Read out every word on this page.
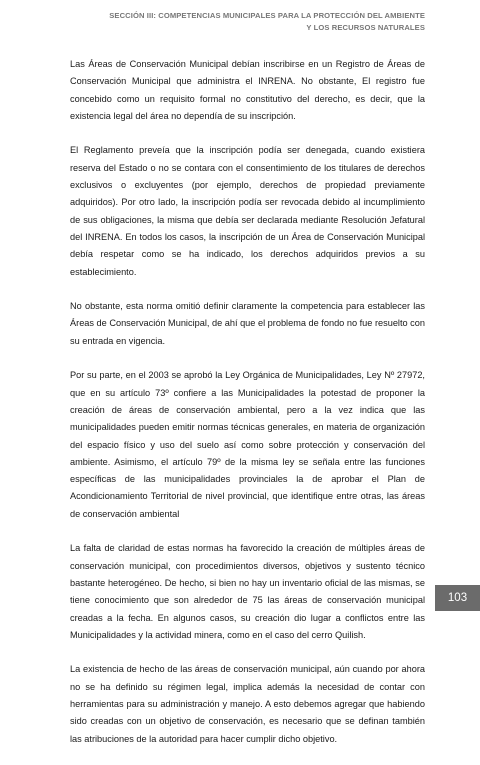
SECCIÓN III: COMPETENCIAS MUNICIPALES PARA LA PROTECCIÓN DEL AMBIENTE
Y LOS RECURSOS NATURALES

Las Áreas de Conservación Municipal debían inscribirse en un Registro de Áreas de Conservación Municipal que administra el INRENA. No obstante, El registro fue concebido como un requisito formal no constitutivo del derecho, es decir, que la existencia legal del área no dependía de su inscripción.

El Reglamento preveía que la inscripción podía ser denegada, cuando existiera reserva del Estado o no se contara con el consentimiento de los titulares de derechos exclusivos o excluyentes (por ejemplo, derechos de propiedad previamente adquiridos). Por otro lado, la inscripción podía ser revocada debido al incumplimiento de sus obligaciones, la misma que debía ser declarada mediante Resolución Jefatural del INRENA. En todos los casos, la inscripción de un Área de Conservación Municipal debía respetar como se ha indicado, los derechos adquiridos previos a su establecimiento.

No obstante, esta norma omitió definir claramente la competencia para establecer las Áreas de Conservación Municipal, de ahí que el problema de fondo no fue resuelto con su entrada en vigencia.

Por su parte, en el 2003 se aprobó la Ley Orgánica de Municipalidades, Ley Nº 27972, que en su artículo 73º confiere a las Municipalidades la potestad de proponer la creación de áreas de conservación ambiental, pero a la vez indica que las municipalidades pueden emitir normas técnicas generales, en materia de organización del espacio físico y uso del suelo así como sobre protección y conservación del ambiente. Asimismo, el artículo 79º de la misma ley se señala entre las funciones específicas de las municipalidades provinciales la de aprobar el Plan de Acondicionamiento Territorial de nivel provincial, que identifique entre otras, las áreas de conservación ambiental

La falta de claridad de estas normas ha favorecido la creación de múltiples áreas de conservación municipal, con procedimientos diversos, objetivos y sustento técnico bastante heterogéneo. De hecho, si bien no hay un inventario oficial de las mismas, se tiene conocimiento que son alrededor de 75 las áreas de conservación municipal creadas a la fecha. En algunos casos, su creación dio lugar a conflictos entre las Municipalidades y la actividad minera, como en el caso del cerro Quilish.

La existencia de hecho de las áreas de conservación municipal, aún cuando por ahora no se ha definido su régimen legal, implica además la necesidad de contar con herramientas para su administración y manejo. A esto debemos agregar que habiendo sido creadas con un objetivo de conservación, es necesario que se definan también las atribuciones de la autoridad para hacer cumplir dicho objetivo.

103
